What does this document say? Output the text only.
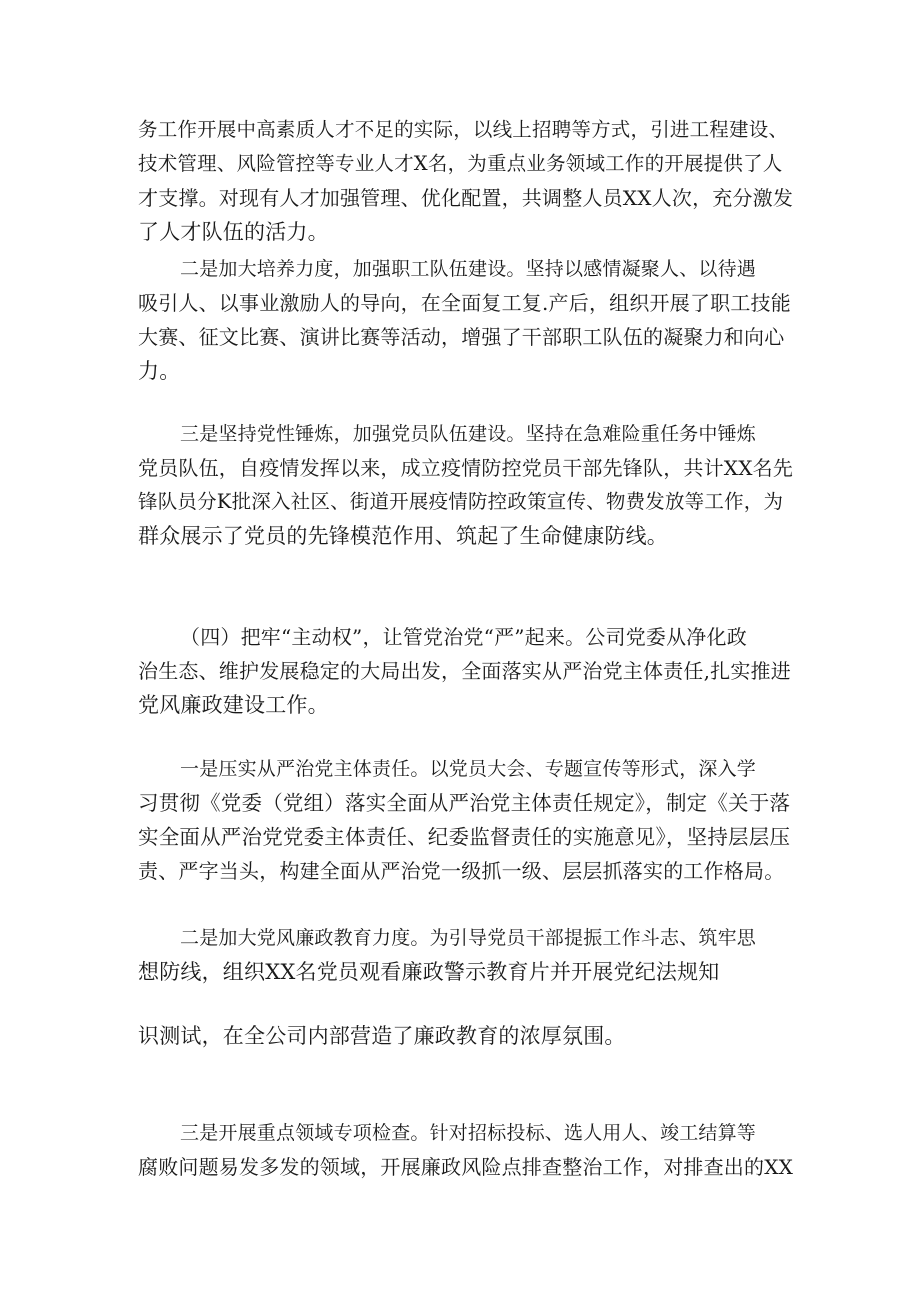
务工作开展中高素质人才不足的实际，以线上招聘等方式，引进工程建设、
技术管理、风险管控等专业人才X名，为重点业务领域工作的开展提供了人
才支撑。对现有人才加强管理、优化配置，共调整人员XX人次，充分激发
了人才队伍的活力。
二是加大培养力度，加强职工队伍建设。坚持以感情凝聚人、以待遇
吸引人、以事业激励人的导向，在全面复工复.产后，组织开展了职工技能
大赛、征文比赛、演讲比赛等活动，增强了干部职工队伍的凝聚力和向心
力。
三是坚持党性锤炼，加强党员队伍建设。坚持在急难险重任务中锤炼
党员队伍，自疫情发挥以来，成立疫情防控党员干部先锋队，共计XX名先
锋队员分K批深入社区、街道开展疫情防控政策宣传、物费发放等工作，为
群众展示了党员的先锋模范作用、筑起了生命健康防线。
（四）把牢“主动权”，让管党治党“严”起来。公司党委从净化政
治生态、维护发展稳定的大局出发，全面落实从严治党主体责任,扎实推进
党风廉政建设工作。
一是压实从严治党主体责任。以党员大会、专题宣传等形式，深入学
习贯彻《党委（党组）落实全面从严治党主体责任规定》，制定《关于落
实全面从严治党党委主体责任、纪委监督责任的实施意见》，坚持层层压
责、严字当头，构建全面从严治党一级抓一级、层层抓落实的工作格局。
二是加大党风廉政教育力度。为引导党员干部提振工作斗志、筑牢思
想防线，组织XX名党员观看廉政警示教育片并开展党纪法规知
识测试，在全公司内部营造了廉政教育的浓厚氛围。
三是开展重点领域专项检查。针对招标投标、选人用人、竣工结算等
腐败问题易发多发的领域，开展廉政风险点排查整治工作，对排查出的XX
